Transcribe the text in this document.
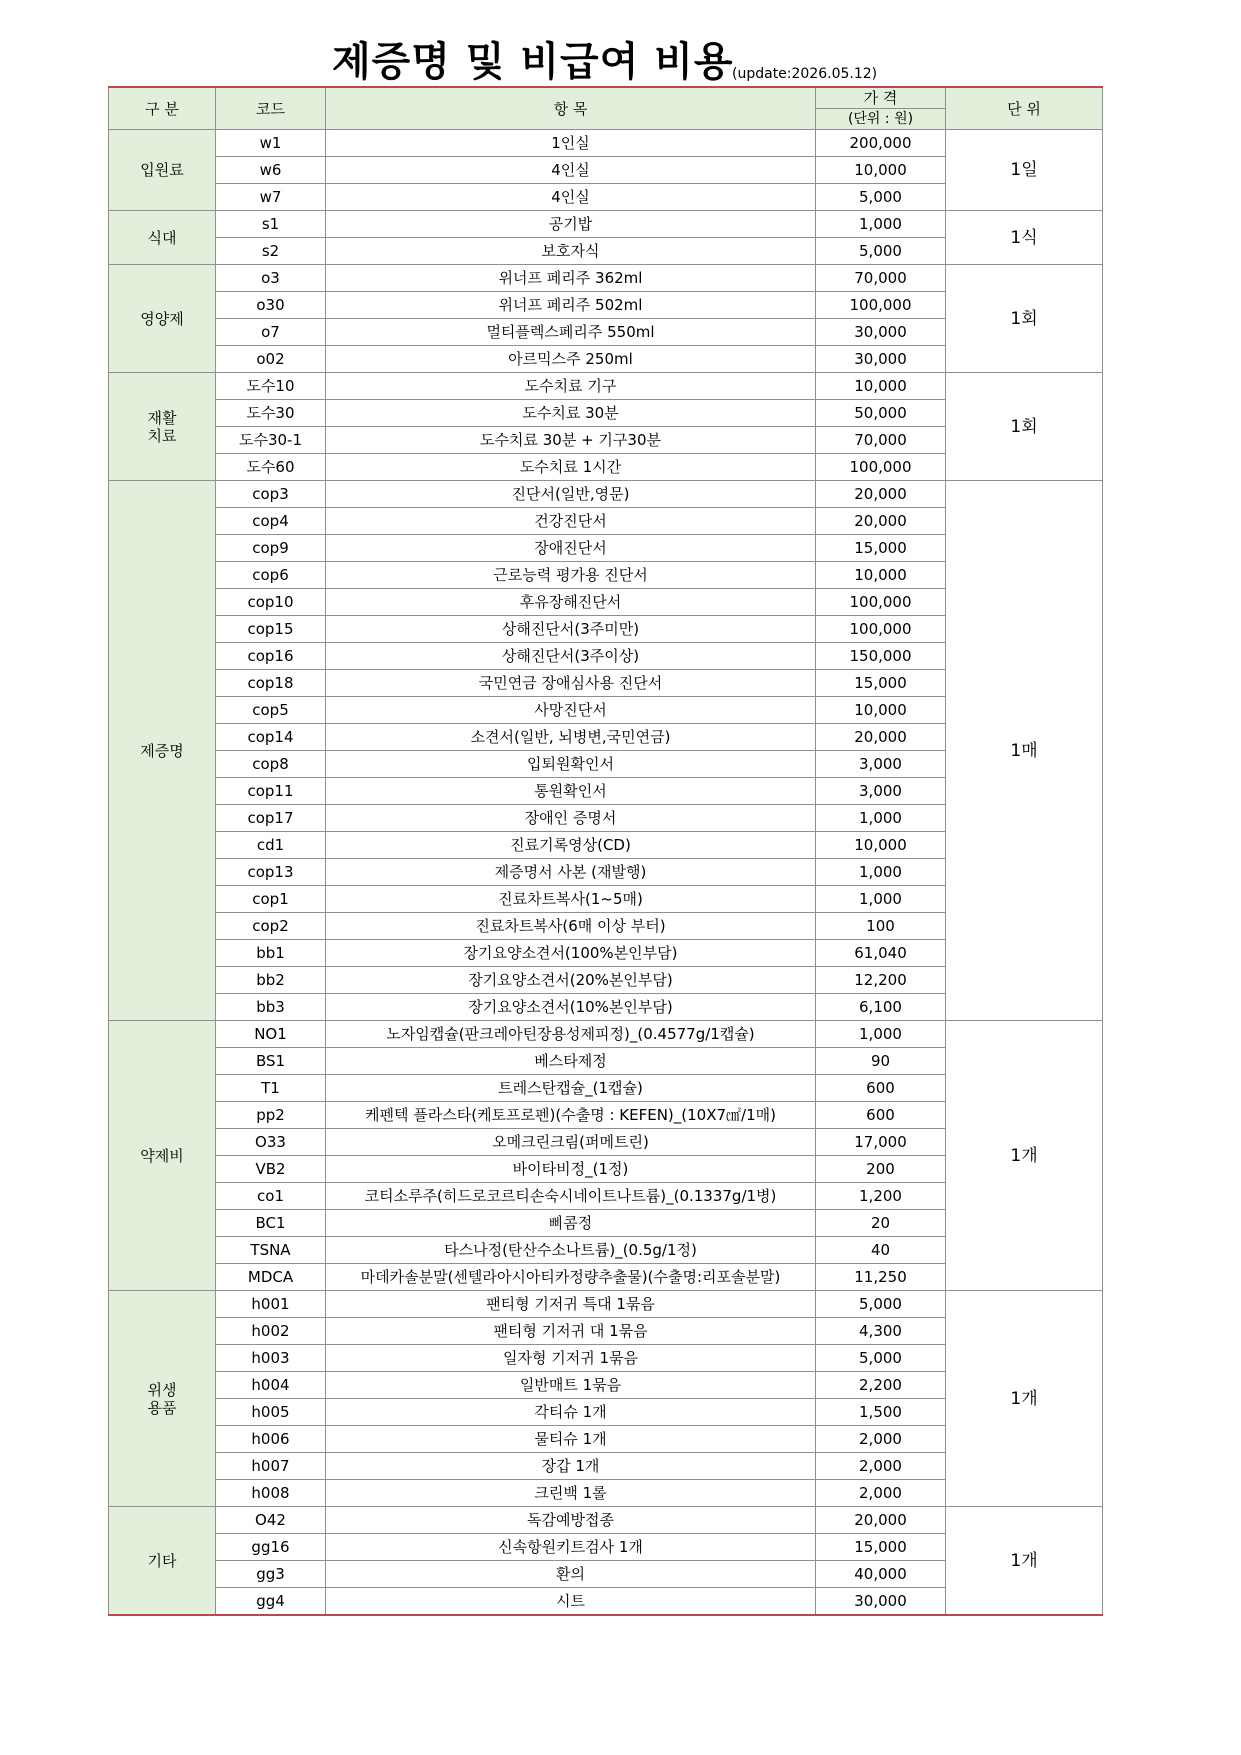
제증명 및 비급여 비용
(update:2026.05.12)
구 분	코드	항 목	가 격	단 위
			(단위 : 원)	

입원료	w1	1인실	200,000	1일
	w6	4인실	10,000	
	w7	4인실	5,000	

식대	s1	공기밥	1,000	1식
	s2	보호자식	5,000	

영양제	o3	위너프 페리주 362ml	70,000	1회
	o30	위너프 페리주 502ml	100,000	
	o7	멀티플렉스페리주 550ml	30,000	
	o02	아르믹스주 250ml	30,000	

재활
치료	도수10	도수치료 기구	10,000	1회
	도수30	도수치료 30분	50,000	
	도수30-1	도수치료 30분 + 기구30분	70,000	
	도수60	도수치료 1시간	100,000	

제증명	cop3	진단서(일반,영문)	20,000	1매
	cop4	건강진단서	20,000	
	cop9	장애진단서	15,000	
	cop6	근로능력 평가용 진단서	10,000	
	cop10	후유장해진단서	100,000	
	cop15	상해진단서(3주미만)	100,000	
	cop16	상해진단서(3주이상)	150,000	
	cop18	국민연금 장애심사용 진단서	15,000	
	cop5	사망진단서	10,000	
	cop14	소견서(일반, 뇌병변,국민연금)	20,000	
	cop8	입퇴원확인서	3,000	
	cop11	통원확인서	3,000	
	cop17	장애인 증명서	1,000	
	cd1	진료기록영상(CD)	10,000	
	cop13	제증명서 사본 (재발행)	1,000	
	cop1	진료차트복사(1~5매)	1,000	
	cop2	진료차트복사(6매 이상 부터)	100	
	bb1	장기요양소견서(100%본인부담)	61,040	
	bb2	장기요양소견서(20%본인부담)	12,200	
	bb3	장기요양소견서(10%본인부담)	6,100	

약제비	NO1	노자임캡슐(판크레아틴장용성제피정)_(0.4577g/1캡슐)	1,000	1개
	BS1	베스타제정	90	
	T1	트레스탄캡슐_(1캡슐)	600	
	pp2	케펜텍 플라스타(케토프로펜)(수출명 : KEFEN)_(10X7㎠/1매)	600	
	O33	오메크린크림(퍼메트린)	17,000	
	VB2	바이타비정_(1정)	200	
	co1	코티소루주(히드로코르티손숙시네이트나트륨)_(0.1337g/1병)	1,200	
	BC1	삐콤정	20	
	TSNA	타스나정(탄산수소나트륨)_(0.5g/1정)	40	
	MDCA	마데카솔분말(센텔라아시아티카정량추출물)(수출명:리포솔분말)	11,250	

위생
용품	h001	팬티형 기저귀 특대 1묶음	5,000	1개
	h002	팬티형 기저귀 대 1묶음	4,300	
	h003	일자형 기저귀 1묶음	5,000	
	h004	일반매트 1묶음	2,200	
	h005	각티슈 1개	1,500	
	h006	물티슈 1개	2,000	
	h007	장갑 1개	2,000	
	h008	크린백 1롤	2,000	

기타	O42	독감예방접종	20,000	1개
	gg16	신속항원키트검사 1개	15,000	
	gg3	환의	40,000	
	gg4	시트	30,000	
